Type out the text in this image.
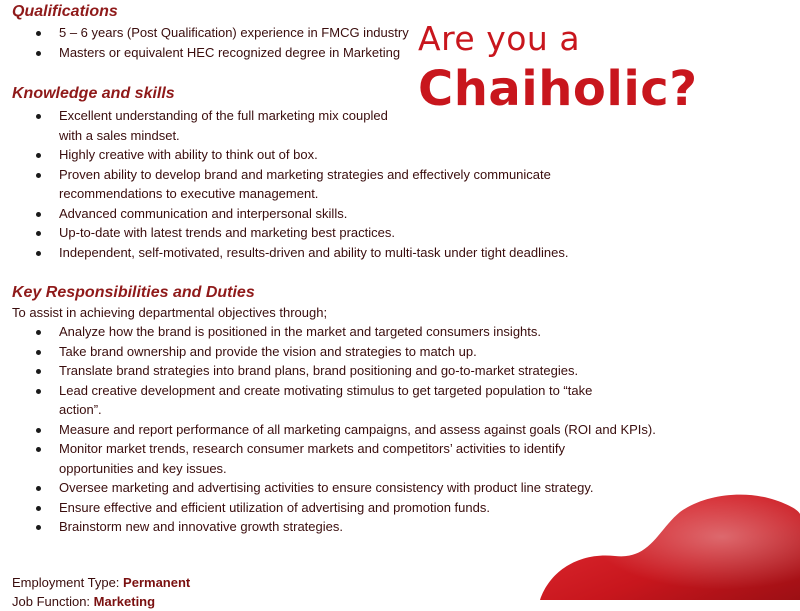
Are you a
Chaiholic?
Qualifications
5 – 6 years (Post Qualification) experience in FMCG industry
Masters or equivalent HEC recognized degree in Marketing
Knowledge and skills
Excellent understanding of the full marketing mix coupled
with a sales mindset.
Highly creative with ability to think out of box.
Proven ability to develop brand and marketing strategies and effectively communicate
recommendations to executive management.
Advanced communication and interpersonal skills.
Up-to-date with latest trends and marketing best practices.
Independent, self-motivated, results-driven and ability to multi-task under tight deadlines.
Key Responsibilities and Duties

To assist in achieving departmental objectives through;

Analyze how the brand is positioned in the market and targeted consumers insights.
Take brand ownership and provide the vision and strategies to match up.
Translate brand strategies into brand plans, brand positioning and go-to-market strategies.
Lead creative development and create motivating stimulus to get targeted population to “take
action”.
Measure and report performance of all marketing campaigns, and assess against goals (ROI and KPIs).
Monitor market trends, research consumer markets and competitors’ activities to identify
opportunities and key issues.
Oversee marketing and advertising activities to ensure consistency with product line strategy.
Ensure effective and efficient utilization of advertising and promotion funds.
Brainstorm new and innovative growth strategies.
Employment Type: Permanent
Job Function: Marketing
